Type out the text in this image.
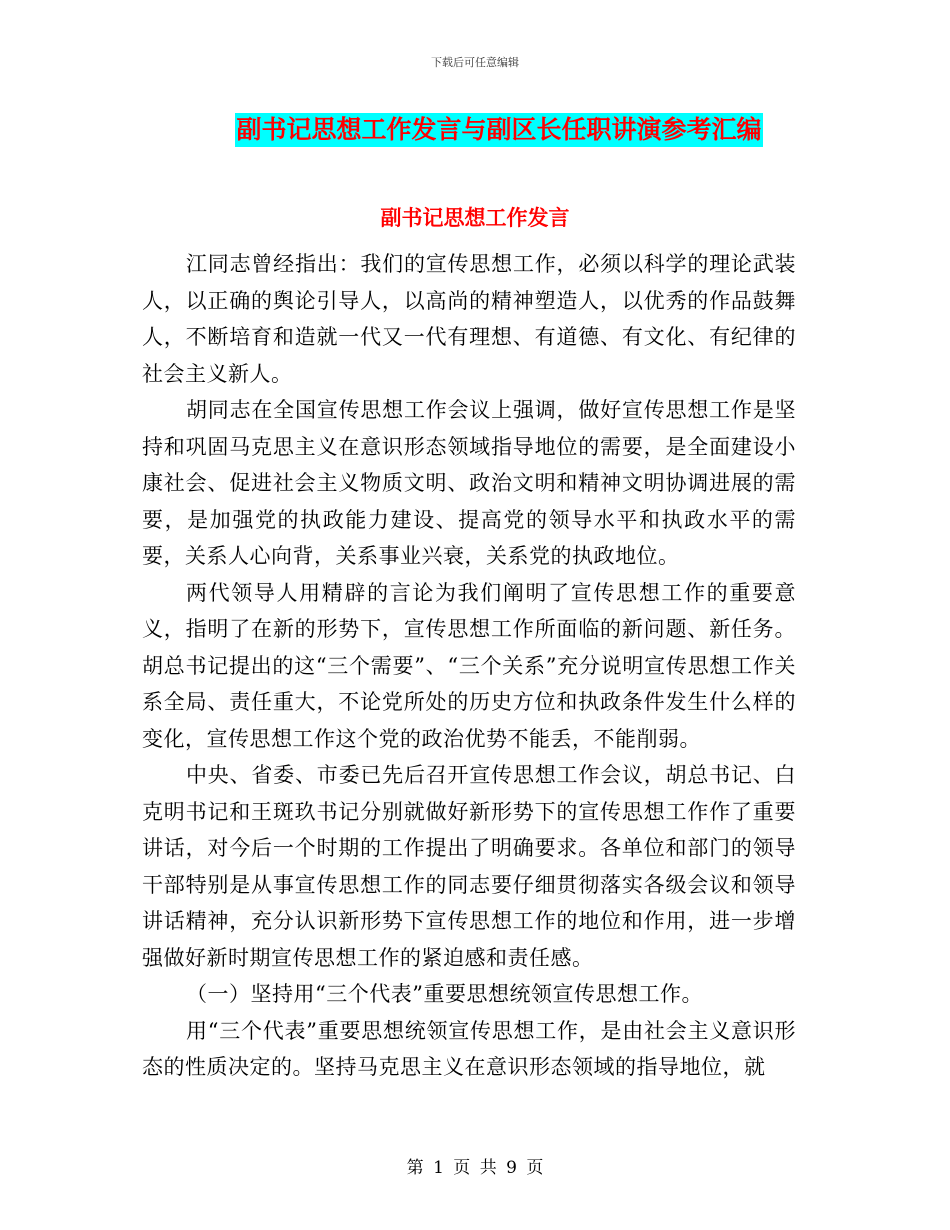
下载后可任意编辑
副书记思想工作发言与副区长任职讲演参考汇编
副书记思想工作发言

江同志曾经指出：我们的宣传思想工作，必须以科学的理论武装人，以正确的舆论引导人，以高尚的精神塑造人，以优秀的作品鼓舞人，不断培育和造就一代又一代有理想、有道德、有文化、有纪律的社会主义新人。

胡同志在全国宣传思想工作会议上强调，做好宣传思想工作是坚持和巩固马克思主义在意识形态领域指导地位的需要，是全面建设小康社会、促进社会主义物质文明、政治文明和精神文明协调进展的需要，是加强党的执政能力建设、提高党的领导水平和执政水平的需要，关系人心向背，关系事业兴衰，关系党的执政地位。

两代领导人用精辟的言论为我们阐明了宣传思想工作的重要意义，指明了在新的形势下，宣传思想工作所面临的新问题、新任务。胡总书记提出的这“三个需要”、“三个关系”充分说明宣传思想工作关系全局、责任重大，不论党所处的历史方位和执政条件发生什么样的变化，宣传思想工作这个党的政治优势不能丢，不能削弱。

中央、省委、市委已先后召开宣传思想工作会议，胡总书记、白克明书记和王斑玖书记分别就做好新形势下的宣传思想工作作了重要讲话，对今后一个时期的工作提出了明确要求。各单位和部门的领导干部特别是从事宣传思想工作的同志要仔细贯彻落实各级会议和领导讲话精神，充分认识新形势下宣传思想工作的地位和作用，进一步增强做好新时期宣传思想工作的紧迫感和责任感。

（一）坚持用“三个代表”重要思想统领宣传思想工作。

用“三个代表”重要思想统领宣传思想工作，是由社会主义意识形态的性质决定的。坚持马克思主义在意识形态领域的指导地位，就

第 1 页 共 9 页
